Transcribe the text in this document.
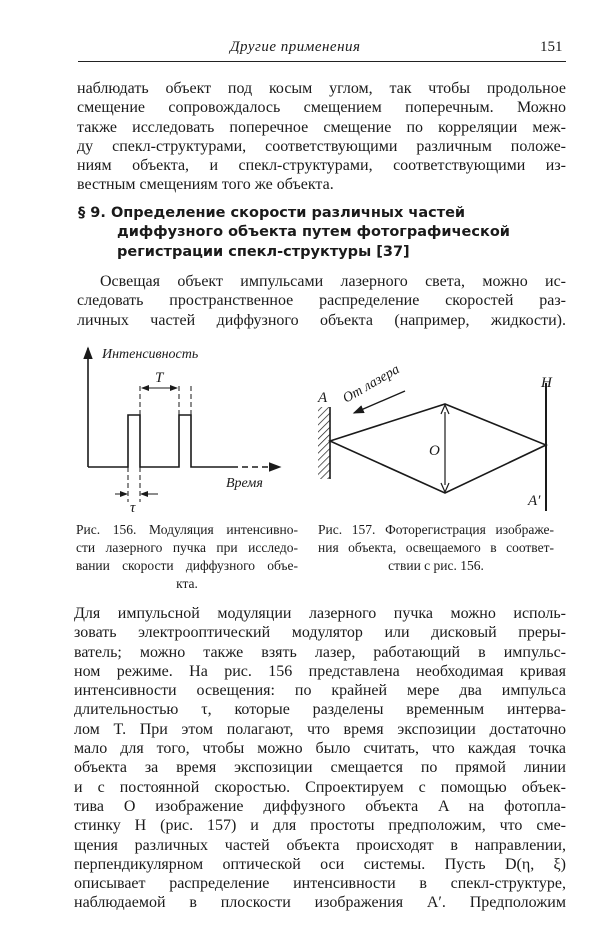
Другие применения	151
наблюдать объект под косым углом, так чтобы продольное
смещение сопровождалось смещением поперечным. Можно
также исследовать поперечное смещение по корреляции меж-
ду спекл-структурами, соответствующими различным положе-
ниям объекта, и спекл-структурами, соответствующими из-
вестным смещениям того же объекта.
§ 9. Определение скорости различных частей
диффузного объекта путем фотографической
регистрации спекл-структуры [37]
Освещая объект импульсами лазерного света, можно ис-
следовать пространственное распределение скоростей раз-
личных частей диффузного объекта (например, жидкости).
Интенсивность
Время
T
τ
A
O
H
A′
От лазера
Рис. 156. Модуляция интенсивно-
сти лазерного пучка при исследо-
вании скорости диффузного объе-
кта.
Рис. 157. Фоторегистрация изображе-
ния объекта, освещаемого в соответ-
ствии с рис. 156.
Для импульсной модуляции лазерного пучка можно исполь-
зовать электрооптический модулятор или дисковый преры-
ватель; можно также взять лазер, работающий в импульс-
ном режиме. На рис. 156 представлена необходимая кривая
интенсивности освещения: по крайней мере два импульса
длительностью τ, которые разделены временным интерва-
лом T. При этом полагают, что время экспозиции достаточно
мало для того, чтобы можно было считать, что каждая точка
объекта за время экспозиции смещается по прямой линии
и с постоянной скоростью. Спроектируем с помощью объек-
тива O изображение диффузного объекта A на фотопла-
стинку H (рис. 157) и для простоты предположим, что сме-
щения различных частей объекта происходят в направлении,
перпендикулярном оптической оси системы. Пусть D(η, ξ)
описывает распределение интенсивности в спекл-структуре,
наблюдаемой в плоскости изображения A′. Предположим
